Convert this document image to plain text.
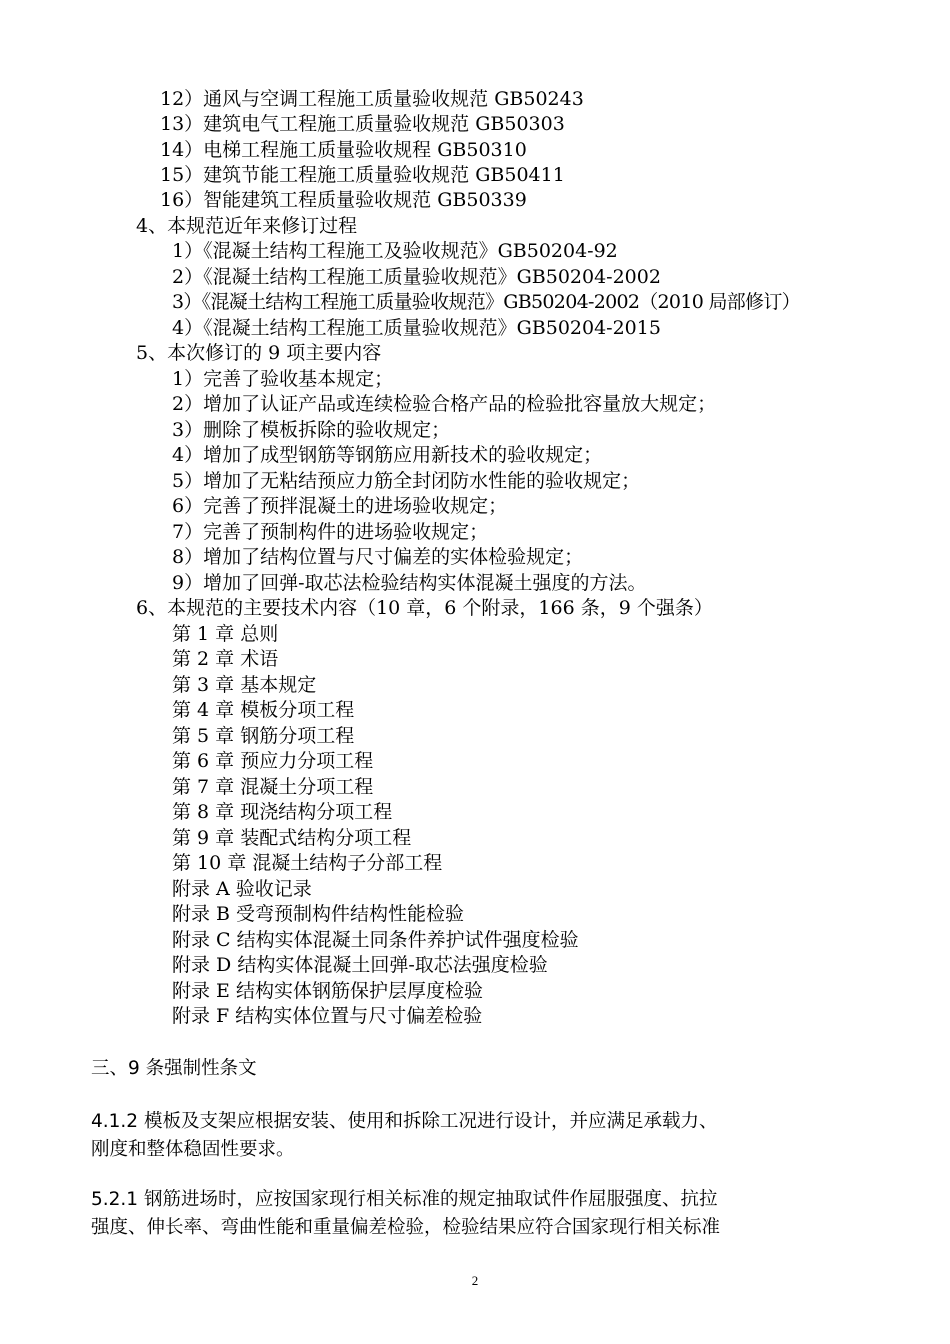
12）通风与空调工程施工质量验收规范 GB50243
13）建筑电气工程施工质量验收规范 GB50303
14）电梯工程施工质量验收规程 GB50310
15）建筑节能工程施工质量验收规范 GB50411
16）智能建筑工程质量验收规范 GB50339
4、本规范近年来修订过程
1）《混凝土结构工程施工及验收规范》GB50204-92
2）《混凝土结构工程施工质量验收规范》GB50204-2002
3）《混凝土结构工程施工质量验收规范》GB50204-2002（2010 局部修订）
4）《混凝土结构工程施工质量验收规范》GB50204-2015
5、本次修订的 9 项主要内容
1）完善了验收基本规定；
2）增加了认证产品或连续检验合格产品的检验批容量放大规定；
3）删除了模板拆除的验收规定；
4）增加了成型钢筋等钢筋应用新技术的验收规定；
5）增加了无粘结预应力筋全封闭防水性能的验收规定；
6）完善了预拌混凝土的进场验收规定；
7）完善了预制构件的进场验收规定；
8）增加了结构位置与尺寸偏差的实体检验规定；
9）增加了回弹-取芯法检验结构实体混凝土强度的方法。
6、本规范的主要技术内容（10 章，6 个附录，166 条，9 个强条）
第 1 章 总则
第 2 章 术语
第 3 章 基本规定
第 4 章 模板分项工程
第 5 章 钢筋分项工程
第 6 章 预应力分项工程
第 7 章 混凝土分项工程
第 8 章 现浇结构分项工程
第 9 章 装配式结构分项工程
第 10 章 混凝土结构子分部工程
附录 A 验收记录
附录 B 受弯预制构件结构性能检验
附录 C 结构实体混凝土同条件养护试件强度检验
附录 D 结构实体混凝土回弹-取芯法强度检验
附录 E 结构实体钢筋保护层厚度检验
附录 F 结构实体位置与尺寸偏差检验
三、9 条强制性条文
4.1.2 模板及支架应根据安装、使用和拆除工况进行设计，并应满足承载力、
刚度和整体稳固性要求。
5.2.1 钢筋进场时，应按国家现行相关标准的规定抽取试件作屈服强度、抗拉
强度、伸长率、弯曲性能和重量偏差检验，检验结果应符合国家现行相关标准
2
